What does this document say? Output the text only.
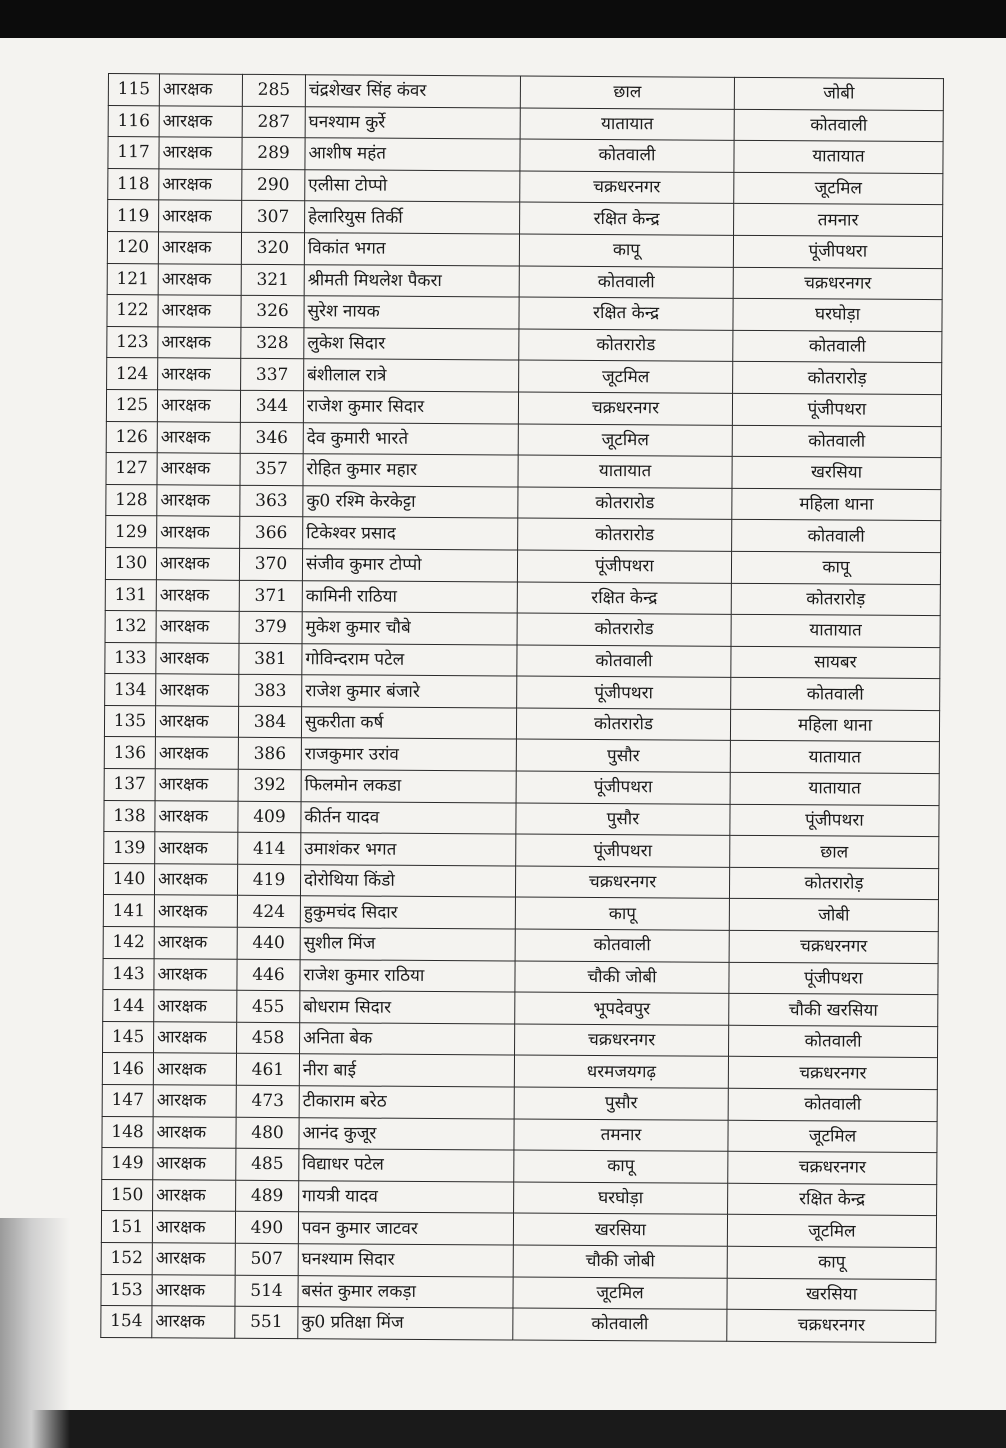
115	आरक्षक	285	चंद्रशेखर सिंह कंवर	छाल	जोबी
116	आरक्षक	287	घनश्याम कुर्रे	यातायात	कोतवाली
117	आरक्षक	289	आशीष महंत	कोतवाली	यातायात
118	आरक्षक	290	एलीसा टोप्पो	चक्रधरनगर	जूटमिल
119	आरक्षक	307	हेलारियुस तिर्की	रक्षित केन्द्र	तमनार
120	आरक्षक	320	विकांत भगत	कापू	पूंजीपथरा
121	आरक्षक	321	श्रीमती मिथलेश पैकरा	कोतवाली	चक्रधरनगर
122	आरक्षक	326	सुरेश नायक	रक्षित केन्द्र	घरघोड़ा
123	आरक्षक	328	लुकेश सिदार	कोतरारोड	कोतवाली
124	आरक्षक	337	बंशीलाल रात्रे	जूटमिल	कोतरारोड़
125	आरक्षक	344	राजेश कुमार सिदार	चक्रधरनगर	पूंजीपथरा
126	आरक्षक	346	देव कुमारी भारते	जूटमिल	कोतवाली
127	आरक्षक	357	रोहित कुमार महार	यातायात	खरसिया
128	आरक्षक	363	कु0 रश्मि केरकेट्टा	कोतरारोड	महिला थाना
129	आरक्षक	366	टिकेश्वर प्रसाद	कोतरारोड	कोतवाली
130	आरक्षक	370	संजीव कुमार टोप्पो	पूंजीपथरा	कापू
131	आरक्षक	371	कामिनी राठिया	रक्षित केन्द्र	कोतरारोड़
132	आरक्षक	379	मुकेश कुमार चौबे	कोतरारोड	यातायात
133	आरक्षक	381	गोविन्दराम पटेल	कोतवाली	सायबर
134	आरक्षक	383	राजेश कुमार बंजारे	पूंजीपथरा	कोतवाली
135	आरक्षक	384	सुकरीता कर्ष	कोतरारोड	महिला थाना
136	आरक्षक	386	राजकुमार उरांव	पुसौर	यातायात
137	आरक्षक	392	फिलमोन लकडा	पूंजीपथरा	यातायात
138	आरक्षक	409	कीर्तन यादव	पुसौर	पूंजीपथरा
139	आरक्षक	414	उमाशंकर भगत	पूंजीपथरा	छाल
140	आरक्षक	419	दोरोथिया किंडो	चक्रधरनगर	कोतरारोड़
141	आरक्षक	424	हुकुमचंद सिदार	कापू	जोबी
142	आरक्षक	440	सुशील मिंज	कोतवाली	चक्रधरनगर
143	आरक्षक	446	राजेश कुमार राठिया	चौकी जोबी	पूंजीपथरा
144	आरक्षक	455	बोधराम सिदार	भूपदेवपुर	चौकी खरसिया
145	आरक्षक	458	अनिता बेक	चक्रधरनगर	कोतवाली
146	आरक्षक	461	नीरा बाई	धरमजयगढ़	चक्रधरनगर
147	आरक्षक	473	टीकाराम बरेठ	पुसौर	कोतवाली
148	आरक्षक	480	आनंद कुजूर	तमनार	जूटमिल
149	आरक्षक	485	विद्याधर पटेल	कापू	चक्रधरनगर
150	आरक्षक	489	गायत्री यादव	घरघोड़ा	रक्षित केन्द्र
151	आरक्षक	490	पवन कुमार जाटवर	खरसिया	जूटमिल
152	आरक्षक	507	घनश्याम सिदार	चौकी जोबी	कापू
153	आरक्षक	514	बसंत कुमार लकड़ा	जूटमिल	खरसिया
154	आरक्षक	551	कु0 प्रतिक्षा मिंज	कोतवाली	चक्रधरनगर
